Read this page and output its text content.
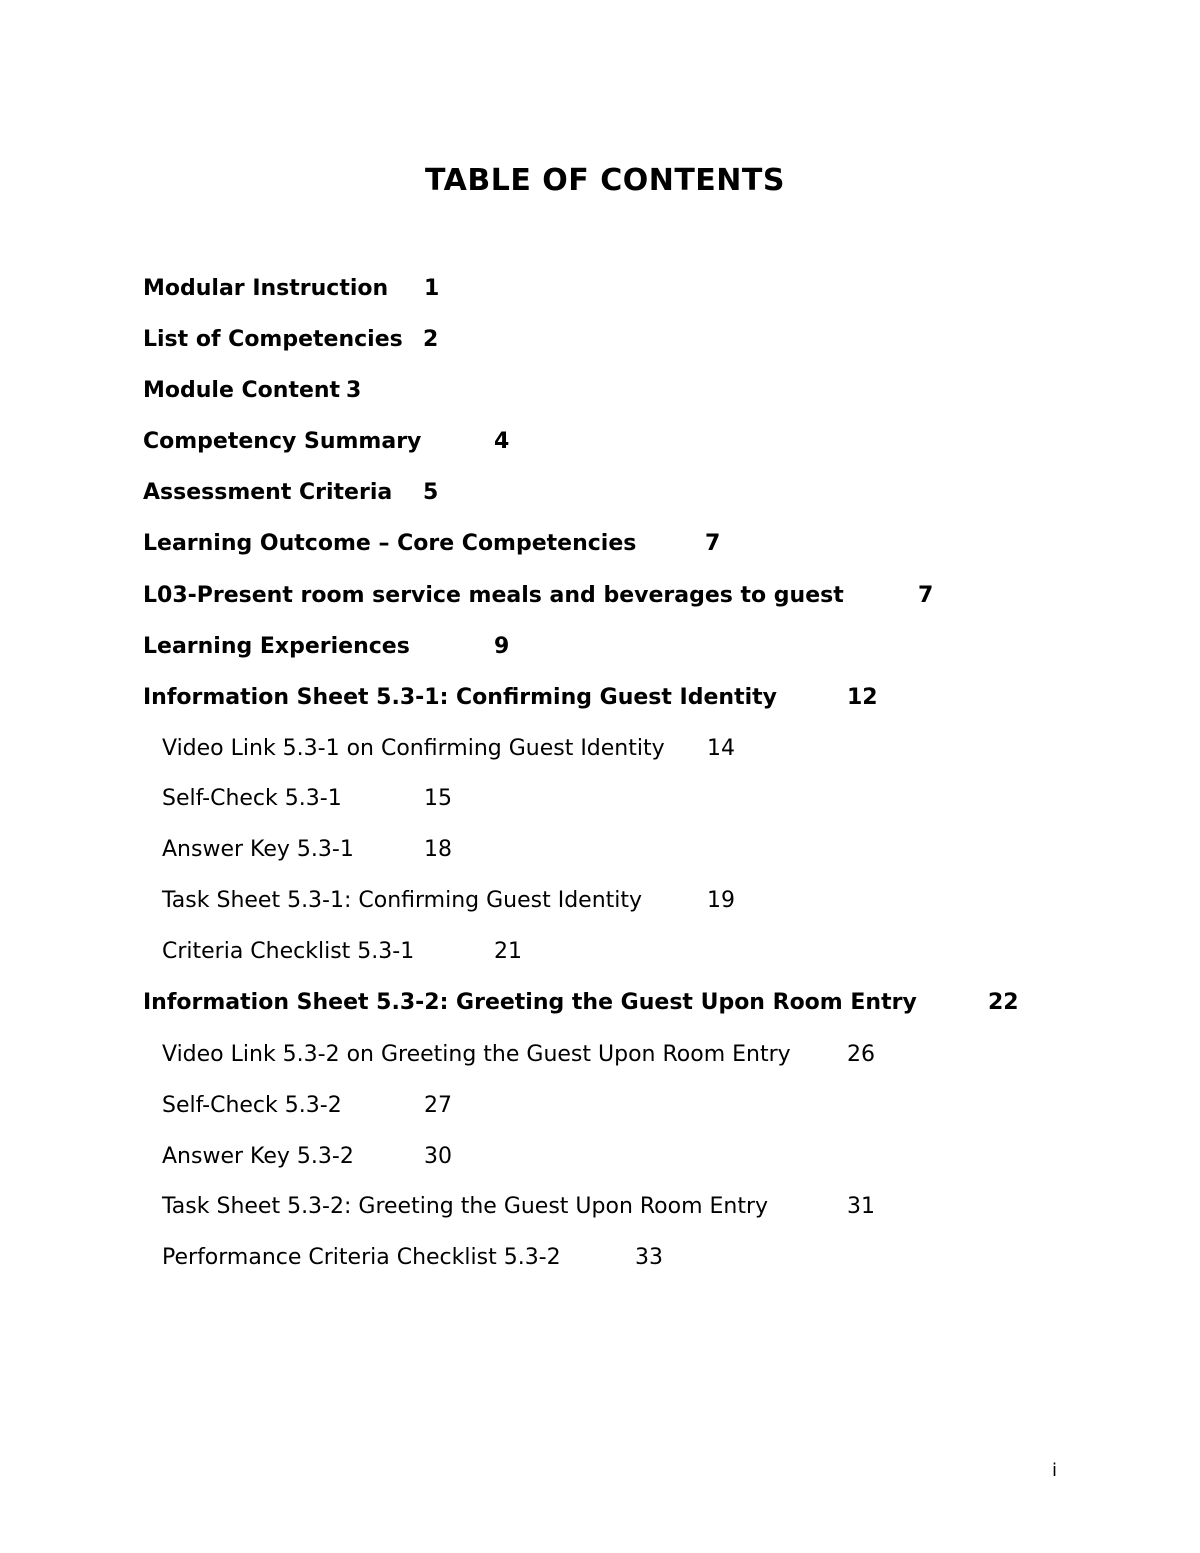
TABLE OF CONTENTS
Modular Instruction 1
List of Competencies 2
Module Content 3
Competency Summary	4
Assessment Criteria 5
Learning Outcome – Core Competencies	7
L03-Present room service meals and beverages to guest	7
Learning Experiences	9
Information Sheet 5.3-1: Confirming Guest Identity	12
Video Link 5.3-1 on Confirming Guest Identity 14
Self-Check 5.3-1	15
Answer Key 5.3-1	18
Task Sheet 5.3-1: Confirming Guest Identity	19
Criteria Checklist 5.3-1	21
Information Sheet 5.3-2: Greeting the Guest Upon Room Entry	22
Video Link 5.3-2 on Greeting the Guest Upon Room Entry	26
Self-Check 5.3-2	27
Answer Key 5.3-2	30
Task Sheet 5.3-2: Greeting the Guest Upon Room Entry	31
Performance Criteria Checklist 5.3-2	33
i
